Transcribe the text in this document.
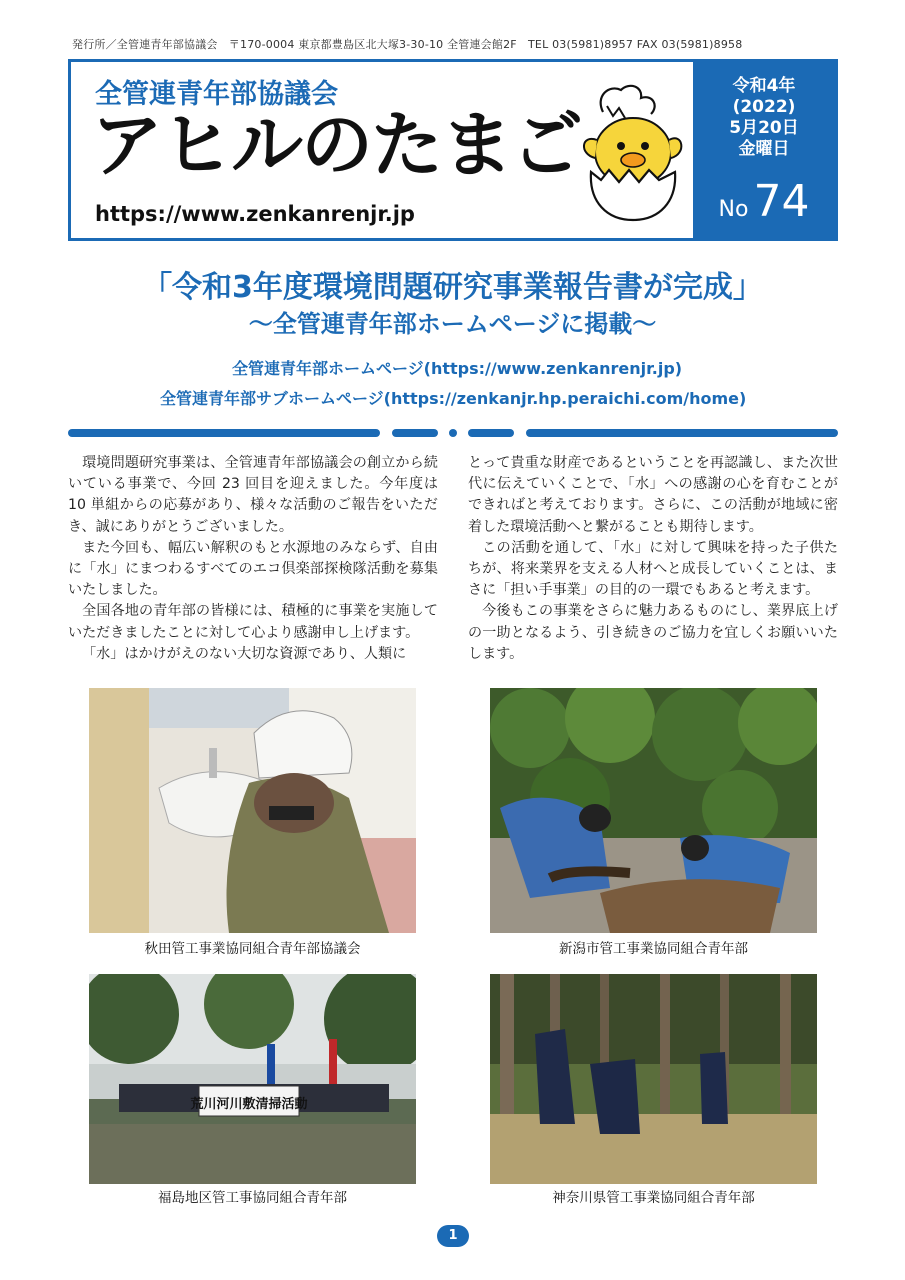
発行所／全管連青年部協議会　〒170-0004 東京都豊島区北大塚3-30-10 全管連会館2F　TEL 03(5981)8957 FAX 03(5981)8958
全管連青年部協議会
アヒルのたまご
https://www.zenkanrenjr.jp
令和4年
(2022)
5月20日
金曜日
No 74
「令和3年度環境問題研究事業報告書が完成」
～全管連青年部ホームページに掲載～
全管連青年部ホームページ(https://www.zenkanrenjr.jp)
全管連青年部サブホームページ(https://zenkanjr.hp.peraichi.com/home)

環境問題研究事業は、全管連青年部協議会の創立から続いている事業で、今回 23 回目を迎えました。今年度は 10 単組からの応募があり、様々な活動のご報告をいただき、誠にありがとうございました。

また今回も、幅広い解釈のもと水源地のみならず、自由に「水」にまつわるすべてのエコ倶楽部探検隊活動を募集いたしました。

全国各地の青年部の皆様には、積極的に事業を実施していただきましたことに対して心より感謝申し上げます。

「水」はかけがえのない大切な資源であり、人類に

とって貴重な財産であるということを再認識し、また次世代に伝えていくことで、「水」への感謝の心を育むことができればと考えております。さらに、この活動が地域に密着した環境活動へと繋がることも期待します。

この活動を通して、「水」に対して興味を持った子供たちが、将来業界を支える人材へと成長していくことは、まさに「担い手事業」の目的の一環でもあると考えます。

今後もこの事業をさらに魅力あるものにし、業界底上げの一助となるよう、引き続きのご協力を宜しくお願いいたします。

荒川河川敷清掃活動
秋田管工事業協同組合青年部協議会	新潟市管工事業協同組合青年部
福島地区管工事協同組合青年部	神奈川県管工事業協同組合青年部
1
